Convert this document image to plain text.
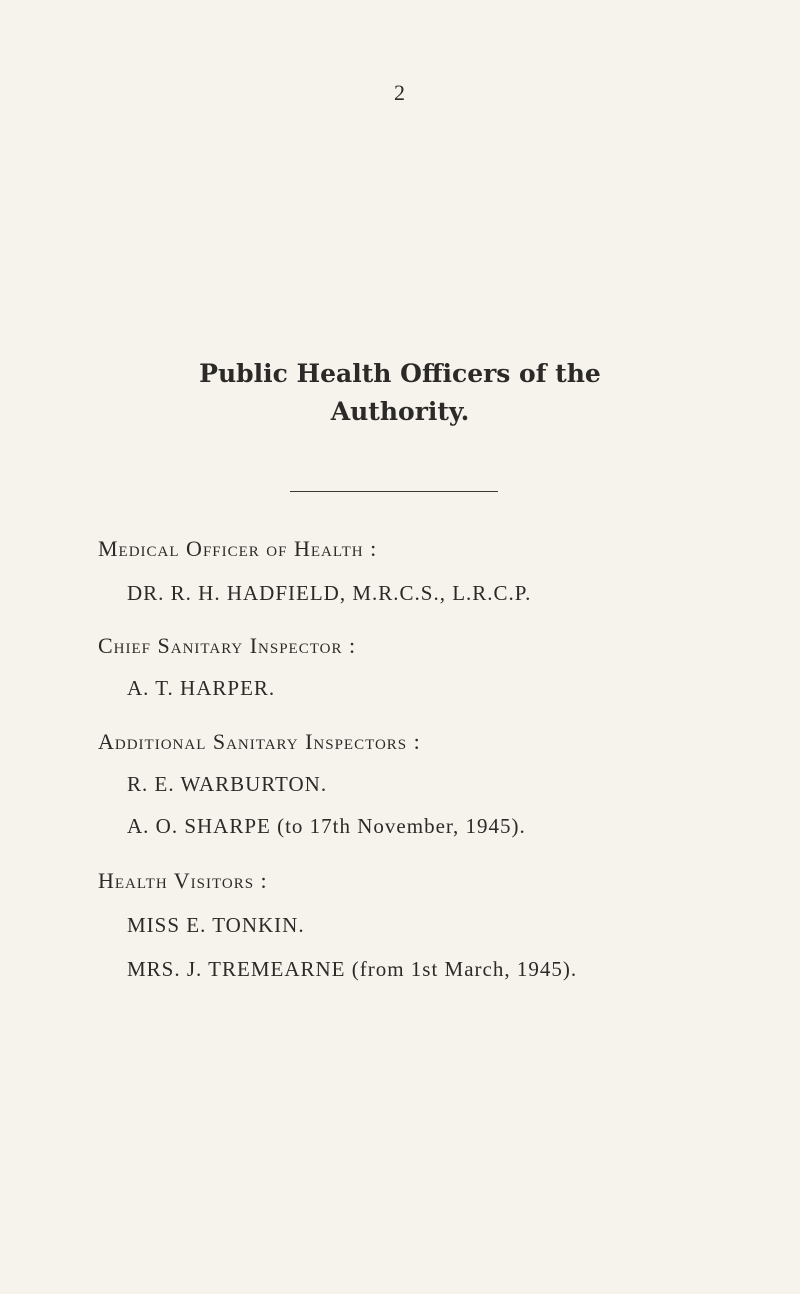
2
Public Health Officers of the
Authority.
Medical Officer of Health :
DR. R. H. HADFIELD, M.R.C.S., L.R.C.P.
Chief Sanitary Inspector :
A. T. HARPER.
Additional Sanitary Inspectors :
R. E. WARBURTON.
A. O. SHARPE (to 17th November, 1945).
Health Visitors :
MISS E. TONKIN.
MRS. J. TREMEARNE (from 1st March, 1945).
